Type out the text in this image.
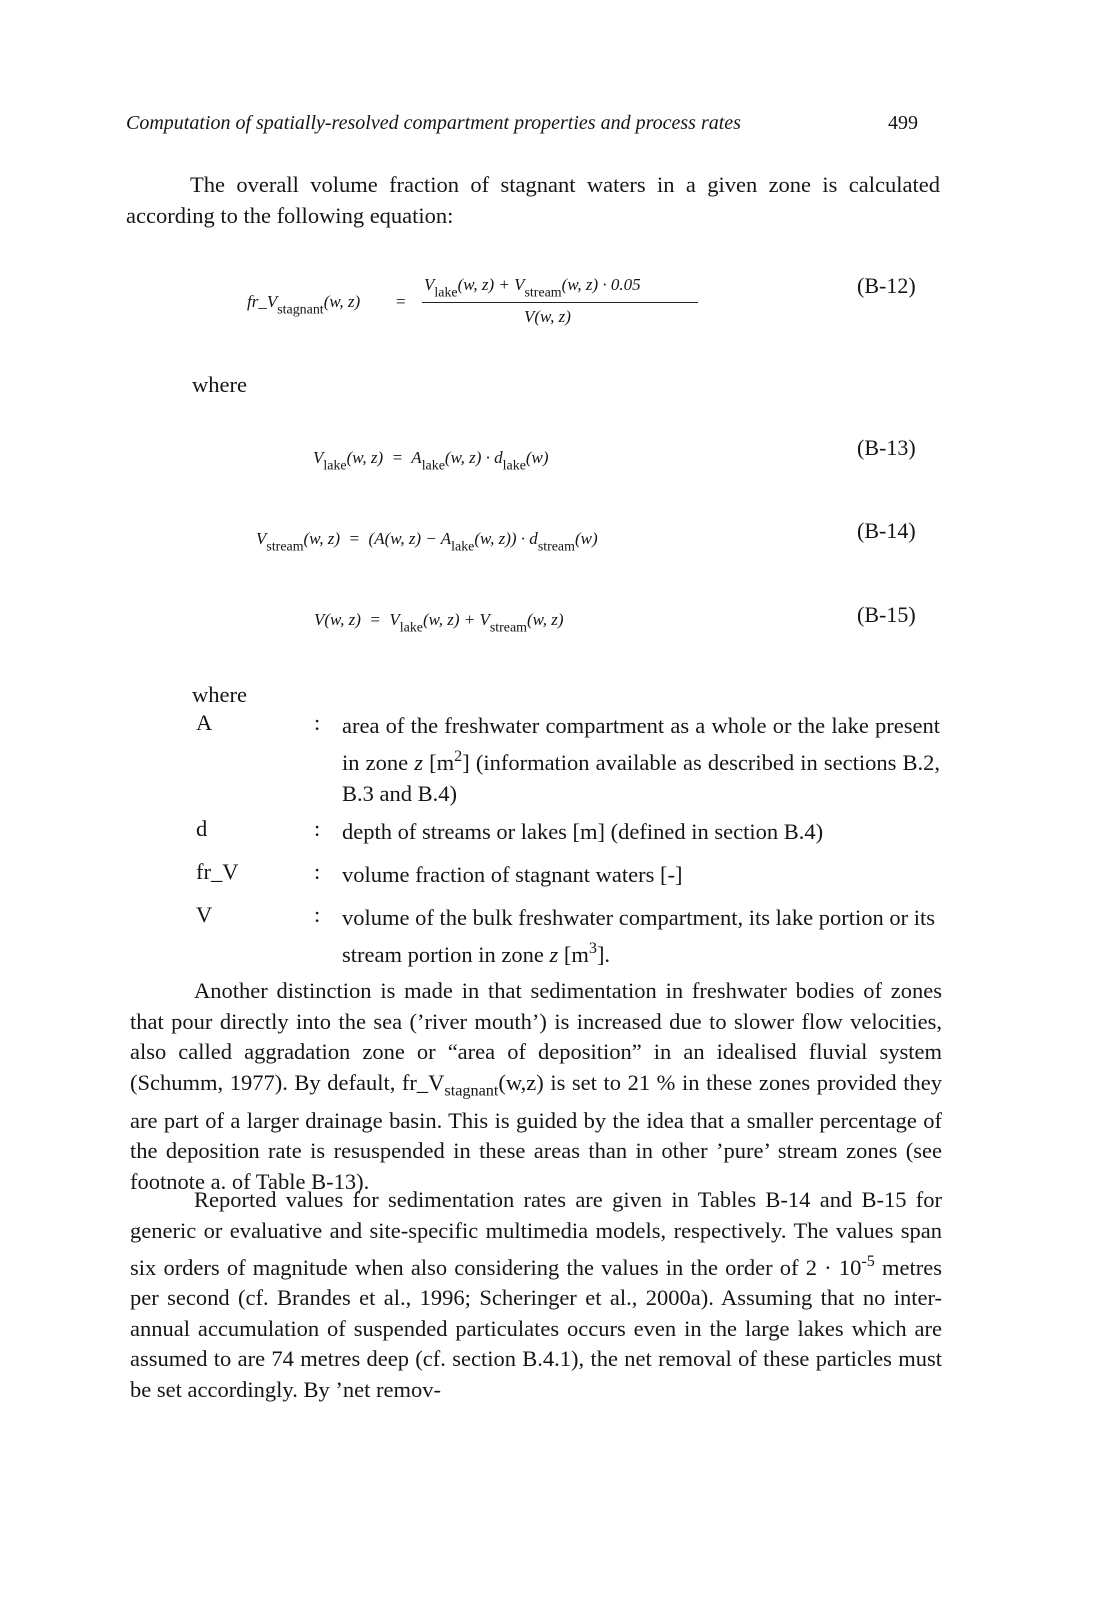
Computation of spatially-resolved compartment properties and process rates	499
The overall volume fraction of stagnant waters in a given zone is calculated according to the following equation:
$fr\_V_{stagnant}(w$, z) =
$V_{lake}(w$, $z) + V_{stream}(w$, z) · 0.05
V(w, z)
(B-12)
where
$V_{lake}(w$, $z) = A_{lake}(w$, $z) \cdot d_{lake}(w)$	(B-13)
$V_{stream}(w$, z)  =  (A(w, $z) - A_{lake}(w$, $z)) \cdot d_{stream}(w)$	(B-14)
V(w, $z) = V_{lake}(w$, $z) + V_{stream}(w$, z)	(B-15)
where
A	: area of the freshwater compartment as a whole or the lake present in zone z $[m^2]$ (information available as described in sections B.2, B.3 and B.4)
d	: depth of streams or lakes [m] (defined in section B.4)
fr_V	: volume fraction of stagnant waters [-]
V	: volume of the bulk freshwater compartment, its lake portion or its stream portion in zone z $[m^3]$.
Another distinction is made in that sedimentation in freshwater bodies of zones that pour directly into the sea (’river mouth’) is increased due to slower flow velocities, also called aggradation zone or “area of deposition” in an idealised fluvial system (Schumm, 1977). By default, $fr\_V_{stagnant}(w,z)$ is set to 21 % in these zones provided they are part of a larger drainage basin. This is guided by the idea that a smaller percentage of the deposition rate is resuspended in these areas than in other ’pure’ stream zones (see footnote a. of Table B-13).
Reported values for sedimentation rates are given in Tables B-14 and B-15 for generic or evaluative and site-specific multimedia models, respectively. The values span six orders of magnitude when also considering the values in the order of $2 \cdot 10^{-5}$ metres per second (cf. Brandes et al., 1996; Scheringer et al., 2000a). Assuming that no inter-annual accumulation of suspended particulates occurs even in the large lakes which are assumed to are 74 metres deep (cf. section B.4.1), the net removal of these particles must be set accordingly. By ’net remov-
